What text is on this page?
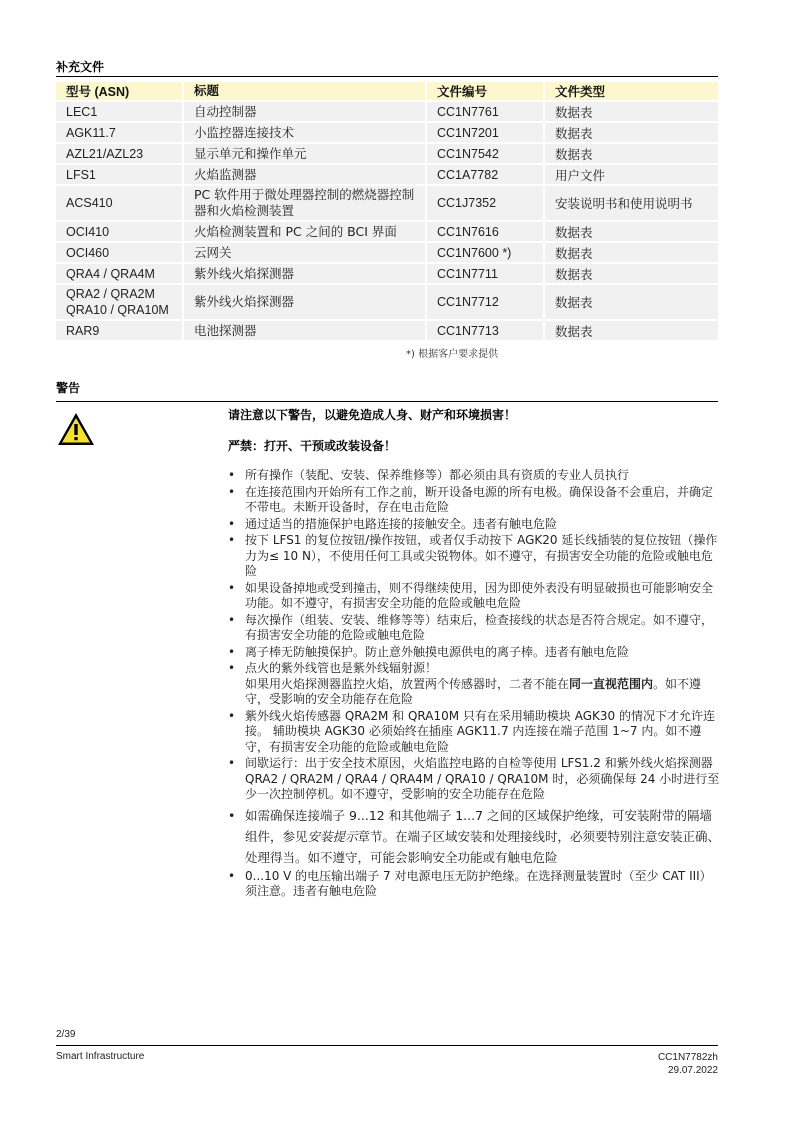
补充文件
型号 (ASN)	标题	文件编号	文件类型
LEC1	自动控制器	CC1N7761	数据表
AGK11.7	小监控器连接技术	CC1N7201	数据表
AZL21/AZL23	显示单元和操作单元	CC1N7542	数据表
LFS1	火焰监测器	CC1A7782	用户文件
ACS410	PC 软件用于微处理器控制的燃烧器控制器和火焰检测装置	CC1J7352	安装说明书和使用说明书
OCI410	火焰检测装置和 PC 之间的 BCI 界面	CC1N7616	数据表
OCI460	云网关	CC1N7600 *)	数据表
QRA4 / QRA4M	紫外线火焰探测器	CC1N7711	数据表
QRA2 / QRA2M QRA10 / QRA10M	紫外线火焰探测器	CC1N7712	数据表
RAR9	电池探测器	CC1N7713	数据表
*) 根据客户要求提供
警告
请注意以下警告，以避免造成人身、财产和环境损害！
严禁：打开、干预或改装设备！
• 所有操作（装配、安装、保养维修等）都必须由具有资质的专业人员执行
• 在连接范围内开始所有工作之前，断开设备电源的所有电极。确保设备不会重启，并确定不带电。未断开设备时，存在电击危险
• 通过适当的措施保护电路连接的接触安全。违者有触电危险
• 按下 LFS1 的复位按钮/操作按钮，或者仅手动按下 AGK20 延长线插装的复位按钮（操作力为≤ 10 N），不使用任何工具或尖锐物体。如不遵守，有损害安全功能的危险或触电危险
• 如果设备掉地或受到撞击，则不得继续使用，因为即使外表没有明显破损也可能影响安全功能。如不遵守，有损害安全功能的危险或触电危险
• 每次操作（组装、安装、维修等等）结束后，检查接线的状态是否符合规定。如不遵守，有损害安全功能的危险或触电危险
• 离子棒无防触摸保护。防止意外触摸电源供电的离子棒。违者有触电危险
• 点火的紫外线管也是紫外线辐射源！
如果用火焰探测器监控火焰，放置两个传感器时，二者不能在同一直视范围内。如不遵守，受影响的安全功能存在危险
• 紫外线火焰传感器 QRA2M 和 QRA10M 只有在采用辅助模块 AGK30 的情况下才允许连接。 辅助模块 AGK30 必须始终在插座 AGK11.7 内连接在端子范围 1~7 内。如不遵守，有损害安全功能的危险或触电危险
• 间歇运行：出于安全技术原因，火焰监控电路的自检等使用 LFS1.2 和紫外线火焰探测器 QRA2 / QRA2M / QRA4 / QRA4M / QRA10 / QRA10M 时，必须确保每 24 小时进行至少一次控制停机。如不遵守，受影响的安全功能存在危险
• 如需确保连接端子 9...12 和其他端子 1...7 之间的区域保护绝缘，可安装附带的隔墙组件，参见安装提示章节。在端子区域安装和处理接线时，必须要特别注意安装正确、处理得当。如不遵守，可能会影响安全功能或有触电危险
• 0...10 V 的电压输出端子 7 对电源电压无防护绝缘。在选择测量装置时（至少 CAT III）须注意。违者有触电危险
2/39
Smart Infrastructure	CC1N7782zh
29.07.2022
